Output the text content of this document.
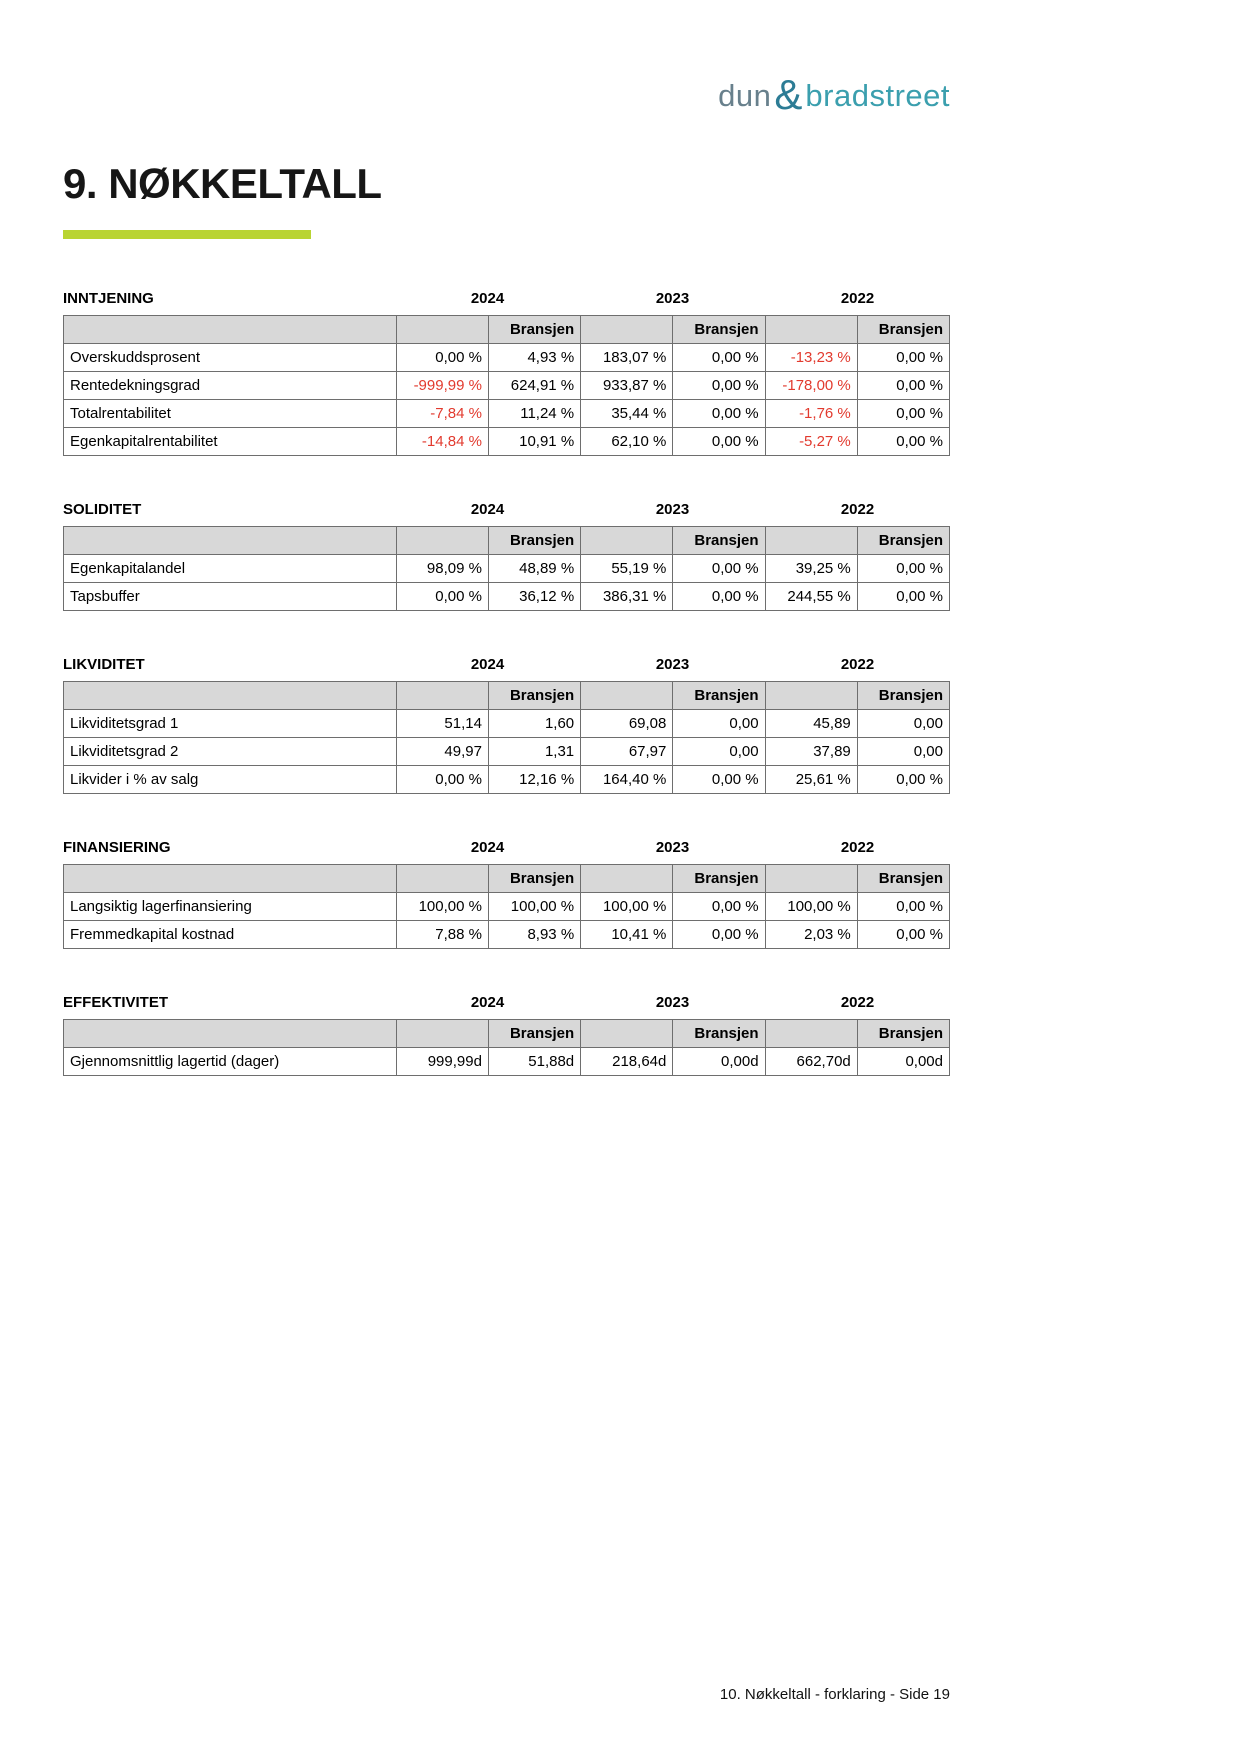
dun&bradstreet
9. NØKKELTALL
INNTJENING	2024	2023	2022
		Bransjen		Bransjen		Bransjen
Overskuddsprosent	0,00 %	4,93 %	183,07 %	0,00 %	-13,23 %	0,00 %
Rentedekningsgrad	-999,99 %	624,91 %	933,87 %	0,00 %	-178,00 %	0,00 %
Totalrentabilitet	-7,84 %	11,24 %	35,44 %	0,00 %	-1,76 %	0,00 %
Egenkapitalrentabilitet	-14,84 %	10,91 %	62,10 %	0,00 %	-5,27 %	0,00 %
SOLIDITET	2024	2023	2022
		Bransjen		Bransjen		Bransjen
Egenkapitalandel	98,09 %	48,89 %	55,19 %	0,00 %	39,25 %	0,00 %
Tapsbuffer	0,00 %	36,12 %	386,31 %	0,00 %	244,55 %	0,00 %
LIKVIDITET	2024	2023	2022
		Bransjen		Bransjen		Bransjen
Likviditetsgrad 1	51,14	1,60	69,08	0,00	45,89	0,00
Likviditetsgrad 2	49,97	1,31	67,97	0,00	37,89	0,00
Likvider i % av salg	0,00 %	12,16 %	164,40 %	0,00 %	25,61 %	0,00 %
FINANSIERING	2024	2023	2022
		Bransjen		Bransjen		Bransjen
Langsiktig lagerfinansiering	100,00 %	100,00 %	100,00 %	0,00 %	100,00 %	0,00 %
Fremmedkapital kostnad	7,88 %	8,93 %	10,41 %	0,00 %	2,03 %	0,00 %
EFFEKTIVITET	2024	2023	2022
		Bransjen		Bransjen		Bransjen
Gjennomsnittlig lagertid (dager)	999,99d	51,88d	218,64d	0,00d	662,70d	0,00d
10. Nøkkeltall - forklaring - Side 19
